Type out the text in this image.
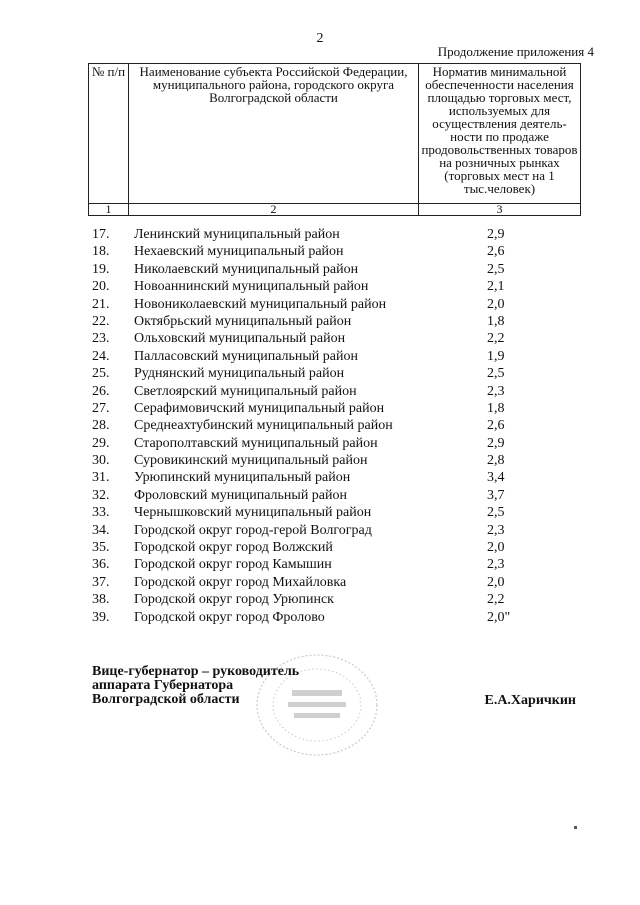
2
Продолжение приложения 4
№ п/п	Наименование субъекта Российской Федерации, муниципального района, городского округа Волгоградской области	Норматив минимальной обеспеченности населения площадью торговых мест, используемых для осуществления деятель-ности по продаже продовольственных товаров на розничных рынках (торговых мест на 1 тыс.человек)
1	2	3
17. Ленинский муниципальный район	2,9
18. Нехаевский муниципальный район	2,6
19. Николаевский муниципальный район	2,5
20. Новоаннинский муниципальный район	2,1
21. Новониколаевский муниципальный район	2,0
22. Октябрьский муниципальный район	1,8
23. Ольховский муниципальный район	2,2
24. Палласовский муниципальный район	1,9
25. Руднянский муниципальный район	2,5
26. Светлоярский муниципальный район	2,3
27. Серафимовичский муниципальный район	1,8
28. Среднеахтубинский муниципальный район	2,6
29. Старополтавский муниципальный район	2,9
30. Суровикинский муниципальный район	2,8
31. Урюпинский муниципальный район	3,4
32. Фроловский муниципальный район	3,7
33. Чернышковский муниципальный район	2,5
34. Городской округ город-герой Волгоград	2,3
35. Городской округ город Волжский	2,0
36. Городской округ город Камышин	2,3
37. Городской округ город Михайловка	2,0
38. Городской округ город Урюпинск	2,2
39. Городской округ город Фролово	2,0"
Вице-губернатор – руководитель
аппарата Губернатора
Волгоградской области	Е.А.Харичкин
